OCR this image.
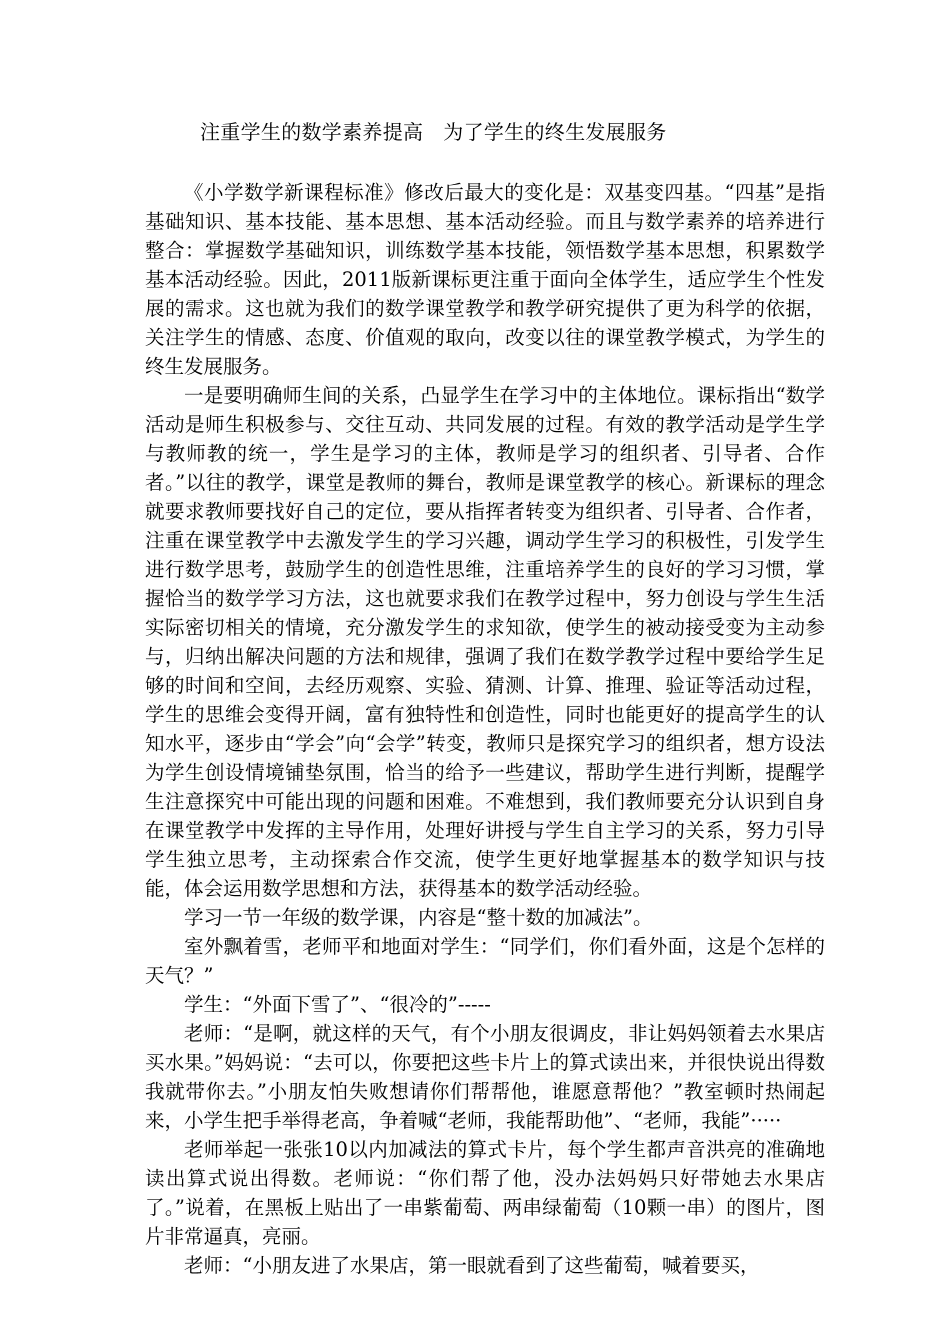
注重学生的数学素养提高   为了学生的终生发展服务

《小学数学新课程标准》修改后最大的变化是：双基变四基。“四基”是指基础知识、基本技能、基本思想、基本活动经验。而且与数学素养的培养进行整合：掌握数学基础知识，训练数学基本技能，领悟数学基本思想，积累数学基本活动经验。因此，2011版新课标更注重于面向全体学生，适应学生个性发展的需求。这也就为我们的数学课堂教学和教学研究提供了更为科学的依据，关注学生的情感、态度、价值观的取向，改变以往的课堂教学模式，为学生的终生发展服务。

一是要明确师生间的关系，凸显学生在学习中的主体地位。课标指出“数学活动是师生积极参与、交往互动、共同发展的过程。有效的教学活动是学生学与教师教的统一，学生是学习的主体，教师是学习的组织者、引导者、合作者。”以往的教学，课堂是教师的舞台，教师是课堂教学的核心。新课标的理念就要求教师要找好自己的定位，要从指挥者转变为组织者、引导者、合作者，注重在课堂教学中去激发学生的学习兴趣，调动学生学习的积极性，引发学生进行数学思考，鼓励学生的创造性思维，注重培养学生的良好的学习习惯，掌握恰当的数学学习方法，这也就要求我们在教学过程中，努力创设与学生生活实际密切相关的情境，充分激发学生的求知欲，使学生的被动接受变为主动参与，归纳出解决问题的方法和规律，强调了我们在数学教学过程中要给学生足够的时间和空间，去经历观察、实验、猜测、计算、推理、验证等活动过程，学生的思维会变得开阔，富有独特性和创造性，同时也能更好的提高学生的认知水平，逐步由“学会”向“会学”转变，教师只是探究学习的组织者，想方设法为学生创设情境铺垫氛围，恰当的给予一些建议，帮助学生进行判断，提醒学生注意探究中可能出现的问题和困难。不难想到，我们教师要充分认识到自身在课堂教学中发挥的主导作用，处理好讲授与学生自主学习的关系，努力引导学生独立思考，主动探索合作交流，使学生更好地掌握基本的数学知识与技能，体会运用数学思想和方法，获得基本的数学活动经验。

学习一节一年级的数学课，内容是“整十数的加减法”。

室外飘着雪，老师平和地面对学生：“同学们，你们看外面，这是个怎样的天气？”

学生：“外面下雪了”、“很冷的”-----

老师：“是啊，就这样的天气，有个小朋友很调皮，非让妈妈领着去水果店买水果。”妈妈说：“去可以，你要把这些卡片上的算式读出来，并很快说出得数我就带你去。”小朋友怕失败想请你们帮帮他，谁愿意帮他？”教室顿时热闹起来，小学生把手举得老高，争着喊“老师，我能帮助他”、“老师，我能”·····

老师举起一张张10以内加减法的算式卡片，每个学生都声音洪亮的准确地读出算式说出得数。老师说：“你们帮了他，没办法妈妈只好带她去水果店了。”说着，在黑板上贴出了一串紫葡萄、两串绿葡萄（10颗一串）的图片，图片非常逼真，亮丽。

老师：“小朋友进了水果店，第一眼就看到了这些葡萄，喊着要买，
